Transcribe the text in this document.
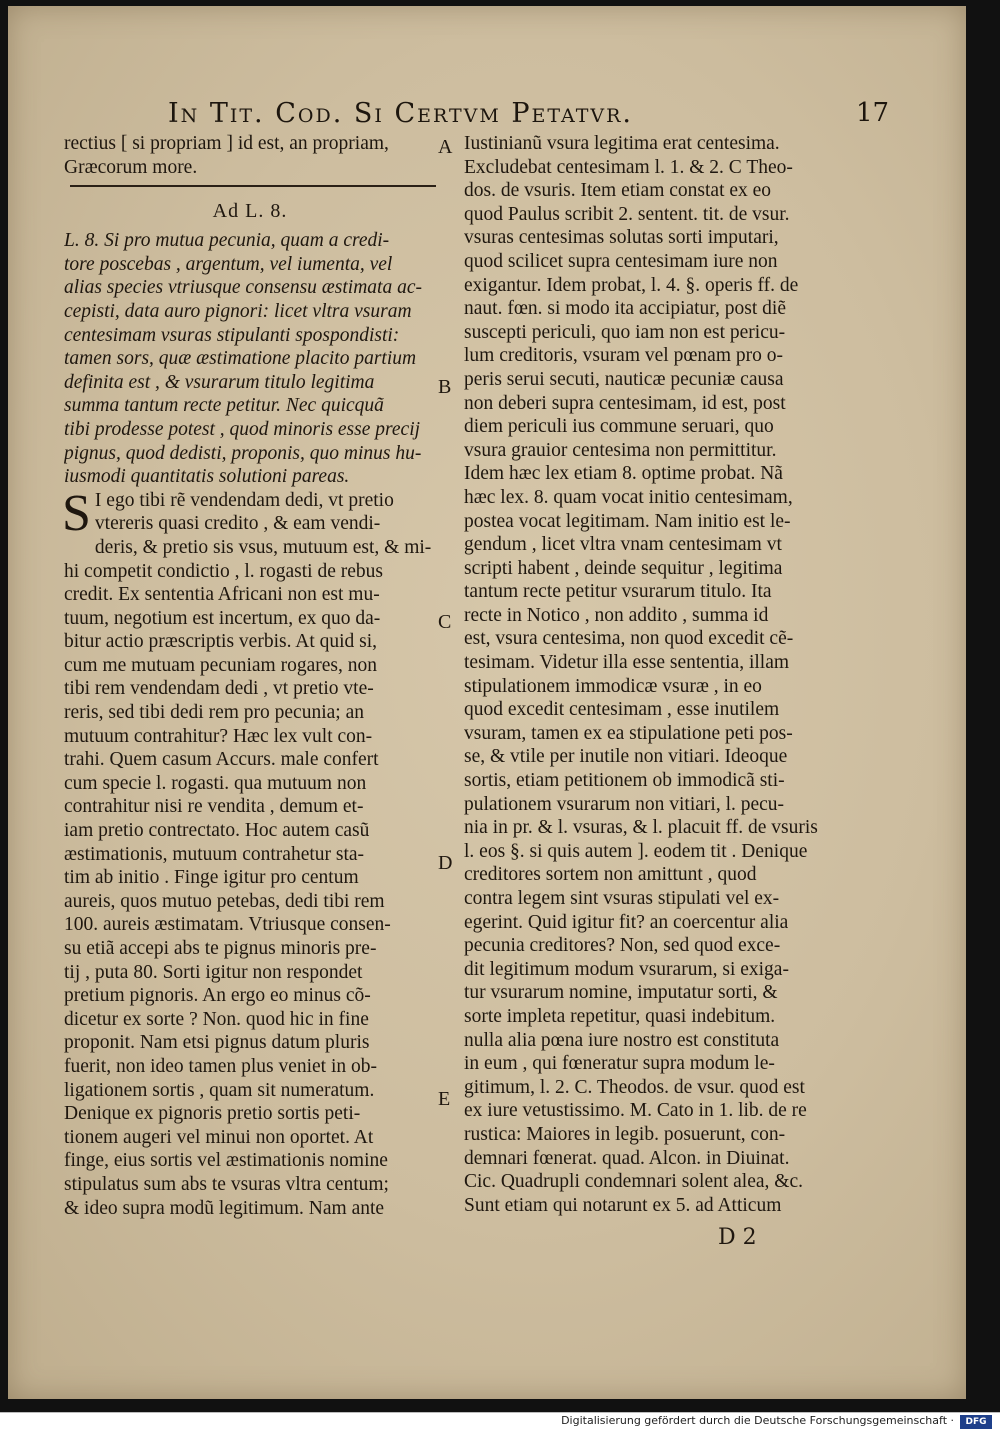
In Tit. Cod. Si Certvm Petatvr.	17
rectius [ si propriam ] id est, an propriam,
Græcorum more.
Ad L. 8.
L. 8. Si pro mutua pecunia, quam a credi-
tore poscebas , argentum, vel iumenta, vel
alias species vtriusque consensu æstimata ac-
cepisti, data auro pignori: licet vltra vsuram
centesimam vsuras stipulanti spospondisti:
tamen sors, quæ æstimatione placito partium
definita est , & vsurarum titulo legitima
summa tantum recte petitur. Nec quicquã
tibi prodesse potest , quod minoris esse precij
pignus, quod dedisti, proponis, quo minus hu-
iusmodi quantitatis solutioni pareas.
S I ego tibi rẽ vendendam dedi, vt pretio
vtereris quasi credito , & eam vendi-
deris, & pretio sis vsus, mutuum est, & mi-
hi competit condictio , l. rogasti de rebus
credit. Ex sententia Africani non est mu-
tuum, negotium est incertum, ex quo da-
bitur actio præscriptis verbis. At quid si,
cum me mutuam pecuniam rogares, non
tibi rem vendendam dedi , vt pretio vte-
reris, sed tibi dedi rem pro pecunia; an
mutuum contrahitur? Hæc lex vult con-
trahi. Quem casum Accurs. male confert
cum specie l. rogasti. qua mutuum non
contrahitur nisi re vendita , demum et-
iam pretio contrectato. Hoc autem casũ
æstimationis, mutuum contrahetur sta-
tim ab initio . Finge igitur pro centum
aureis, quos mutuo petebas, dedi tibi rem
100. aureis æstimatam. Vtriusque consen-
su etiã accepi abs te pignus minoris pre-
tij , puta 80. Sorti igitur non respondet
pretium pignoris. An ergo eo minus cõ-
dicetur ex sorte ? Non. quod hic in fine
proponit. Nam etsi pignus datum pluris
fuerit, non ideo tamen plus veniet in ob-
ligationem sortis , quam sit numeratum.
Denique ex pignoris pretio sortis peti-
tionem augeri vel minui non oportet. At
finge, eius sortis vel æstimationis nomine
stipulatus sum abs te vsuras vltra centum;
& ideo supra modũ legitimum. Nam ante
Iustinianũ vsura legitima erat centesima.
Excludebat centesimam l. 1. & 2. C Theo-
dos. de vsuris. Item etiam constat ex eo
quod Paulus scribit 2. sentent. tit. de vsur.
vsuras centesimas solutas sorti imputari,
quod scilicet supra centesimam iure non
exigantur. Idem probat, l. 4. §. operis ff. de
naut. fœn. si modo ita accipiatur, post diẽ
suscepti periculi, quo iam non est pericu-
lum creditoris, vsuram vel pœnam pro o-
peris serui secuti, nauticæ pecuniæ causa
non deberi supra centesimam, id est, post
diem periculi ius commune seruari, quo
vsura grauior centesima non permittitur.
Idem hæc lex etiam 8. optime probat. Nã
hæc lex. 8. quam vocat initio centesimam,
postea vocat legitimam. Nam initio est le-
gendum , licet vltra vnam centesimam vt
scripti habent , deinde sequitur , legitima
tantum recte petitur vsurarum titulo. Ita
recte in Notico , non addito , summa id
est, vsura centesima, non quod excedit cẽ-
tesimam. Videtur illa esse sententia, illam
stipulationem immodicæ vsuræ , in eo
quod excedit centesimam , esse inutilem
vsuram, tamen ex ea stipulatione peti pos-
se, & vtile per inutile non vitiari. Ideoque
sortis, etiam petitionem ob immodicã sti-
pulationem vsurarum non vitiari, l. pecu-
nia in pr. & l. vsuras, & l. placuit ff. de vsuris
l. eos §. si quis autem ]. eodem tit . Denique
creditores sortem non amittunt , quod
contra legem sint vsuras stipulati vel ex-
egerint. Quid igitur fit? an coercentur alia
pecunia creditores? Non, sed quod exce-
dit legitimum modum vsurarum, si exiga-
tur vsurarum nomine, imputatur sorti, &
sorte impleta repetitur, quasi indebitum.
nulla alia pœna iure nostro est constituta
in eum , qui fœneratur supra modum le-
gitimum, l. 2. C. Theodos. de vsur. quod est
ex iure vetustissimo. M. Cato in 1. lib. de re
rustica: Maiores in legib. posuerunt, con-
demnari fœnerat. quad. Alcon. in Diuinat.
Cic. Quadrupli condemnari solent alea, &c.
Sunt etiam qui notarunt ex 5. ad Atticum
A
B
C
D
E
D 2
Digitalisierung gefördert durch die Deutsche Forschungsgemeinschaft ·	DFG
